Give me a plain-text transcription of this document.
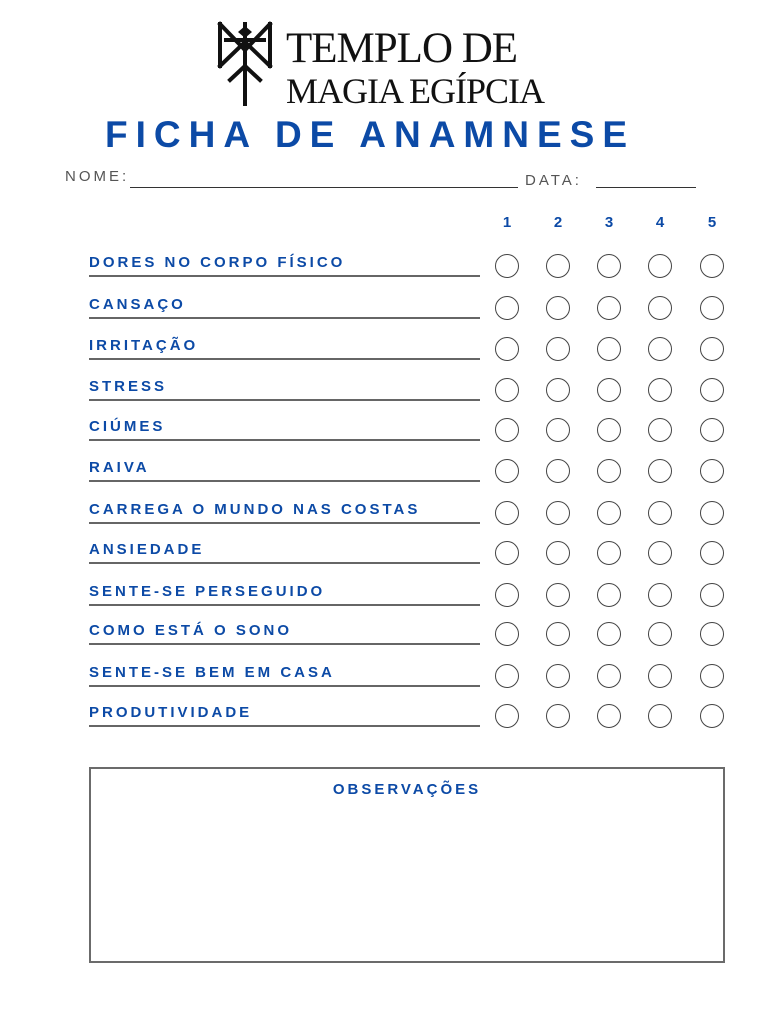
TEMPLO DE
MAGIA EGÍPCIA
FICHA DE ANAMNESE
NOME:	DATA:
1	2	3	4	5
DORES NO CORPO FÍSICO
CANSAÇO
IRRITAÇÃO
STRESS
CIÚMES
RAIVA
CARREGA O MUNDO NAS COSTAS
ANSIEDADE
SENTE-SE PERSEGUIDO
COMO ESTÁ O SONO
SENTE-SE BEM EM CASA
PRODUTIVIDADE
OBSERVAÇÕES
